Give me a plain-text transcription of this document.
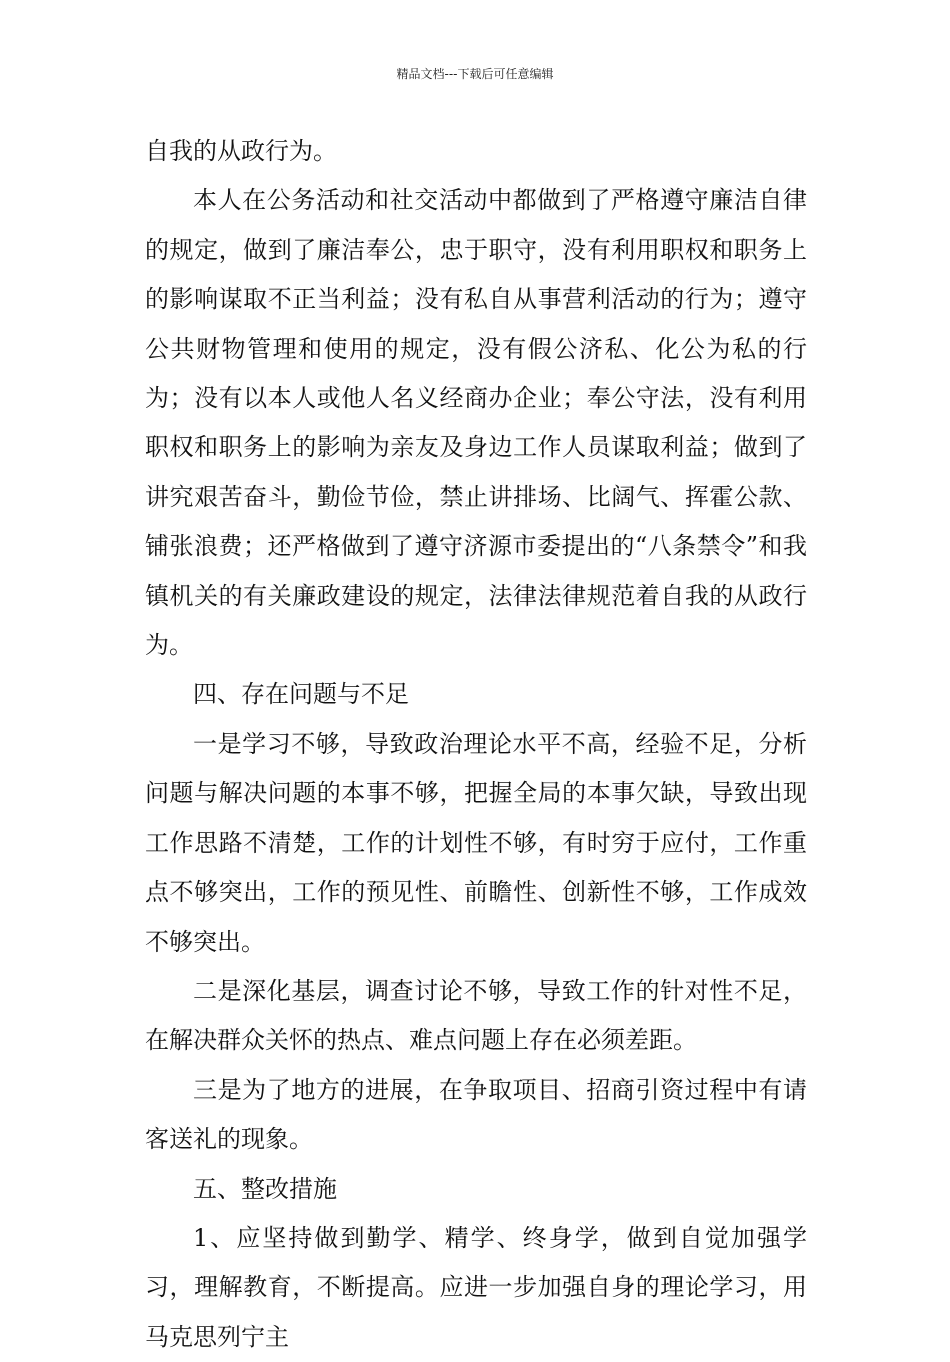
精品文档---下载后可任意编辑

自我的从政行为。

本人在公务活动和社交活动中都做到了严格遵守廉洁自律的规定，做到了廉洁奉公，忠于职守，没有利用职权和职务上的影响谋取不正当利益；没有私自从事营利活动的行为；遵守公共财物管理和使用的规定，没有假公济私、化公为私的行为；没有以本人或他人名义经商办企业；奉公守法，没有利用职权和职务上的影响为亲友及身边工作人员谋取利益；做到了讲究艰苦奋斗，勤俭节俭，禁止讲排场、比阔气、挥霍公款、铺张浪费；还严格做到了遵守济源市委提出的“八条禁令”和我镇机关的有关廉政建设的规定，法律法律规范着自我的从政行为。

四、存在问题与不足

一是学习不够，导致政治理论水平不高，经验不足，分析问题与解决问题的本事不够，把握全局的本事欠缺，导致出现工作思路不清楚，工作的计划性不够，有时穷于应付，工作重点不够突出，工作的预见性、前瞻性、创新性不够，工作成效不够突出。

二是深化基层，调查讨论不够，导致工作的针对性不足，在解决群众关怀的热点、难点问题上存在必须差距。

三是为了地方的进展，在争取项目、招商引资过程中有请客送礼的现象。

五、整改措施

1、应坚持做到勤学、精学、终身学，做到自觉加强学习，理解教育，不断提高。应进一步加强自身的理论学习，用马克思列宁主
